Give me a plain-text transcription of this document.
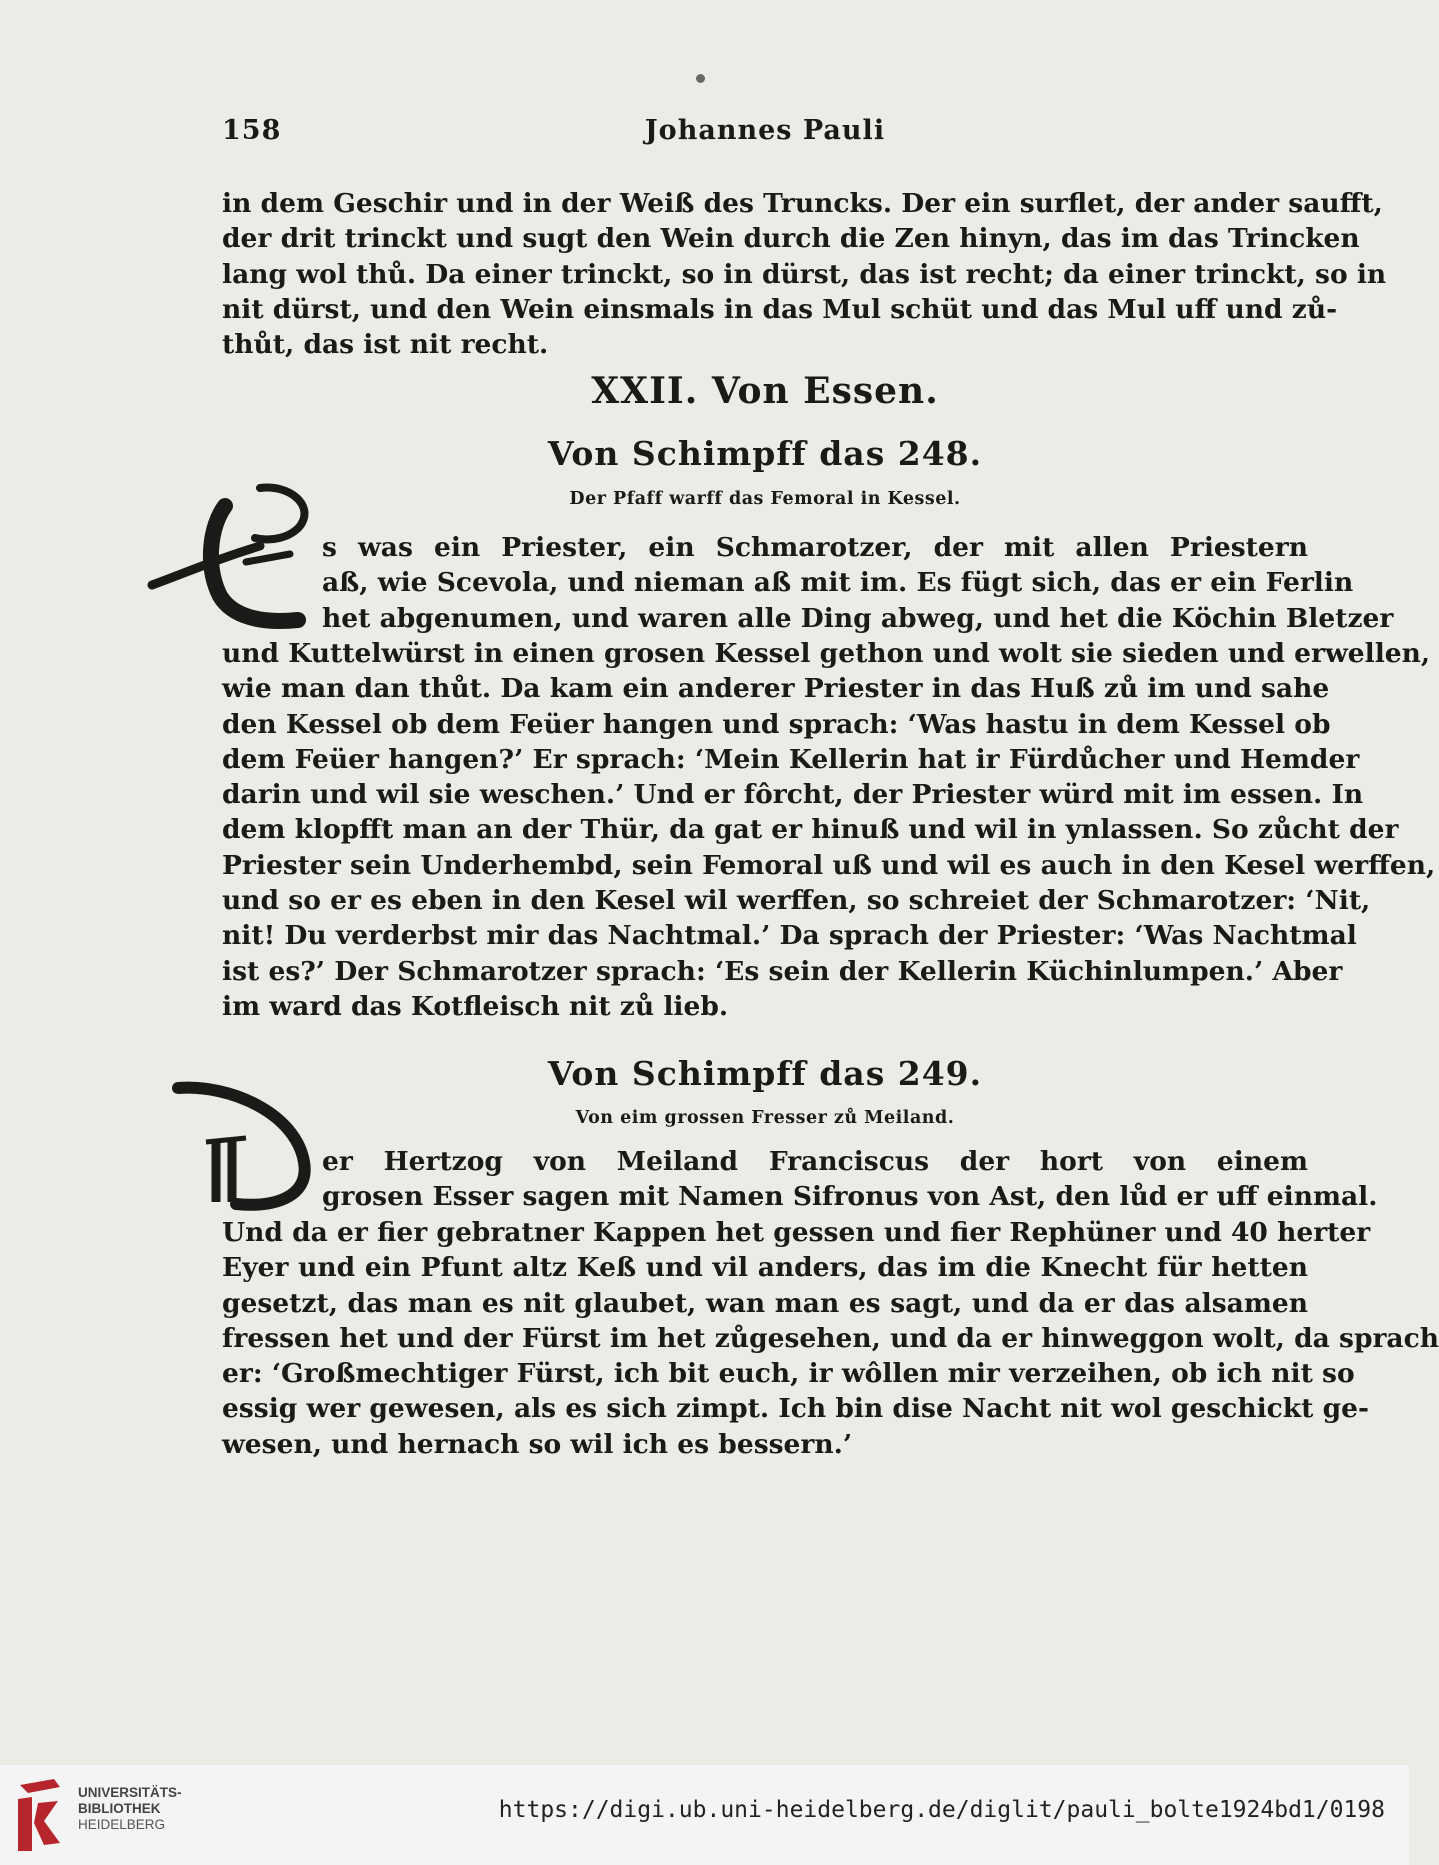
158	Johannes Pauli
in dem Geschir und in der Weiß des Truncks. Der ein surflet, der ander saufft,
der drit trinckt und sugt den Wein durch die Zen hinyn, das im das Trincken
lang wol thů. Da einer trinckt, so in dürst, das ist recht; da einer trinckt, so in
nit dürst, und den Wein einsmals in das Mul schüt und das Mul uff und zů-
thůt, das ist nit recht.
XXII. Von Essen.
Von Schimpff das 248.
Der Pfaff warff das Femoral in Kessel.
E
s was ein Priester, ein Schmarotzer, der mit allen Priestern
aß, wie Scevola, und nieman aß mit im. Es fügt sich, das er ein Ferlin
het abgenumen, und waren alle Ding abweg, und het die Köchin Bletzer
und Kuttelwürst in einen grosen Kessel gethon und wolt sie sieden und erwellen,
wie man dan thůt. Da kam ein anderer Priester in das Huß zů im und sahe
den Kessel ob dem Feüer hangen und sprach: ‘Was hastu in dem Kessel ob
dem Feüer hangen?’ Er sprach: ‘Mein Kellerin hat ir Fürdůcher und Hemder
darin und wil sie weschen.’ Und er fôrcht, der Priester würd mit im essen. In
dem klopfft man an der Thür, da gat er hinuß und wil in ynlassen. So zůcht der
Priester sein Underhembd, sein Femoral uß und wil es auch in den Kesel werffen,
und so er es eben in den Kesel wil werffen, so schreiet der Schmarotzer: ‘Nit,
nit! Du verderbst mir das Nachtmal.’ Da sprach der Priester: ‘Was Nachtmal
ist es?’ Der Schmarotzer sprach: ‘Es sein der Kellerin Küchinlumpen.’ Aber
im ward das Kotfleisch nit zů lieb.
Von Schimpff das 249.
Von eim grossen Fresser zů Meiland.
D
er Hertzog von Meiland Franciscus der hort von einem
grosen Esser sagen mit Namen Sifronus von Ast, den lůd er uff einmal.
Und da er fier gebratner Kappen het gessen und fier Rephüner und 40 herter
Eyer und ein Pfunt altz Keß und vil anders, das im die Knecht für hetten
gesetzt, das man es nit glaubet, wan man es sagt, und da er das alsamen
fressen het und der Fürst im het zůgesehen, und da er hinweggon wolt, da sprach
er: ‘Großmechtiger Fürst, ich bit euch, ir wôllen mir verzeihen, ob ich nit so
essig wer gewesen, als es sich zimpt. Ich bin dise Nacht nit wol geschickt ge-
wesen, und hernach so wil ich es bessern.’
UNIVERSITÄTS-
BIBLIOTHEK
HEIDELBERG
https://digi.ub.uni-heidelberg.de/diglit/pauli_bolte1924bd1/0198
